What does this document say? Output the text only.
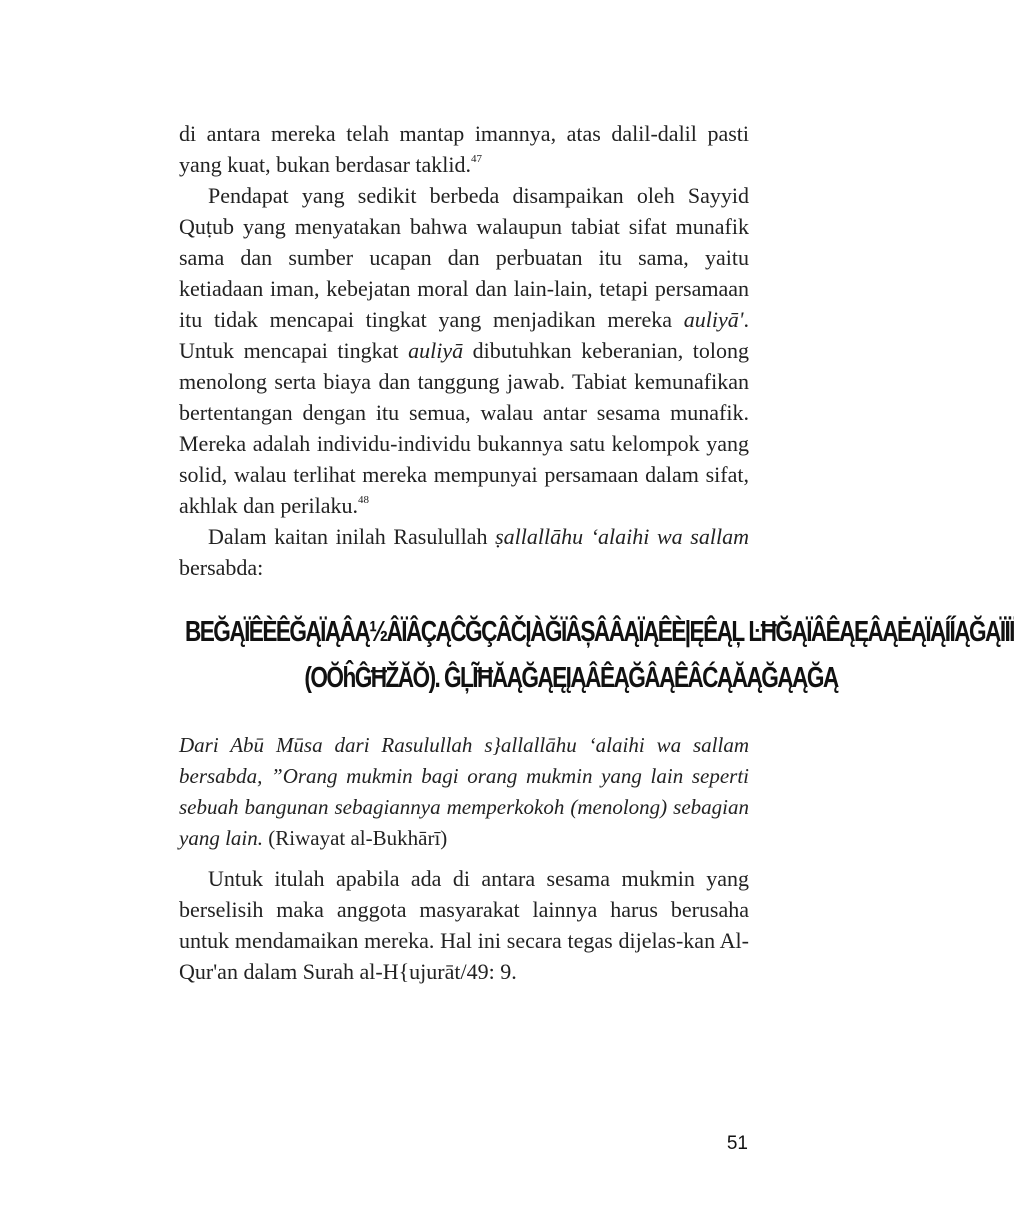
di antara mereka telah mantap imannya, atas dalil-dalil pasti yang kuat, bukan berdasar taklid.$^{47}$

Pendapat yang sedikit berbeda disampaikan oleh Sayyid Quṭub yang menyatakan bahwa walaupun tabiat sifat munafik sama dan sumber ucapan dan perbuatan itu sama, yaitu ketiadaan iman, kebejatan moral dan lain-lain, tetapi persamaan itu tidak mencapai tingkat yang menjadikan mereka auliyā'. Untuk mencapai tingkat auliyā dibutuhkan keberanian, tolong menolong serta biaya dan tanggung jawab. Tabiat kemunafikan bertentangan dengan itu semua, walau antar sesama munafik. Mereka adalah individu-individu bukannya satu kelompok yang solid, walau terlihat mereka mempunyai persamaan dalam sifat, akhlak dan perilaku.$^{48}$

Dalam kaitan inilah Rasulullah ṣallallāhu ‘alaihi wa sallam bersabda:

BEĞĄЇÊÈÊĞĄЇĄÂĄ½ÂЇÂÇĄĈĞÇÂČĮÀĞЇÂȘÂÂĄЇĄÊÈ|ĘÊĄĻ ĿĦĞĄЇÂÊĄĘÂĄĖĄЇĄÍÍĄĞĄЇЇЇ
(OŎĥĜĦŽĂŎ). ĜĻĨĦĂĄĞĄĘĮĄÂÊĄĞÂĄÊÂĆĄĂĄĞĄĄĞĄ

Dari Abū Mūsa dari Rasulullah s}allallāhu ‘alaihi wa sallam bersabda, ”Orang mukmin bagi orang mukmin yang lain seperti sebuah bangunan sebagiannya memperkokoh (menolong) sebagian yang lain. (Riwayat al-Bukhārī)

Untuk itulah apabila ada di antara sesama mukmin yang berselisih maka anggota masyarakat lainnya harus berusaha untuk mendamaikan mereka. Hal ini secara tegas dijelas-kan Al-Qur'an dalam Surah al-H{ujurāt/49: 9.

51
